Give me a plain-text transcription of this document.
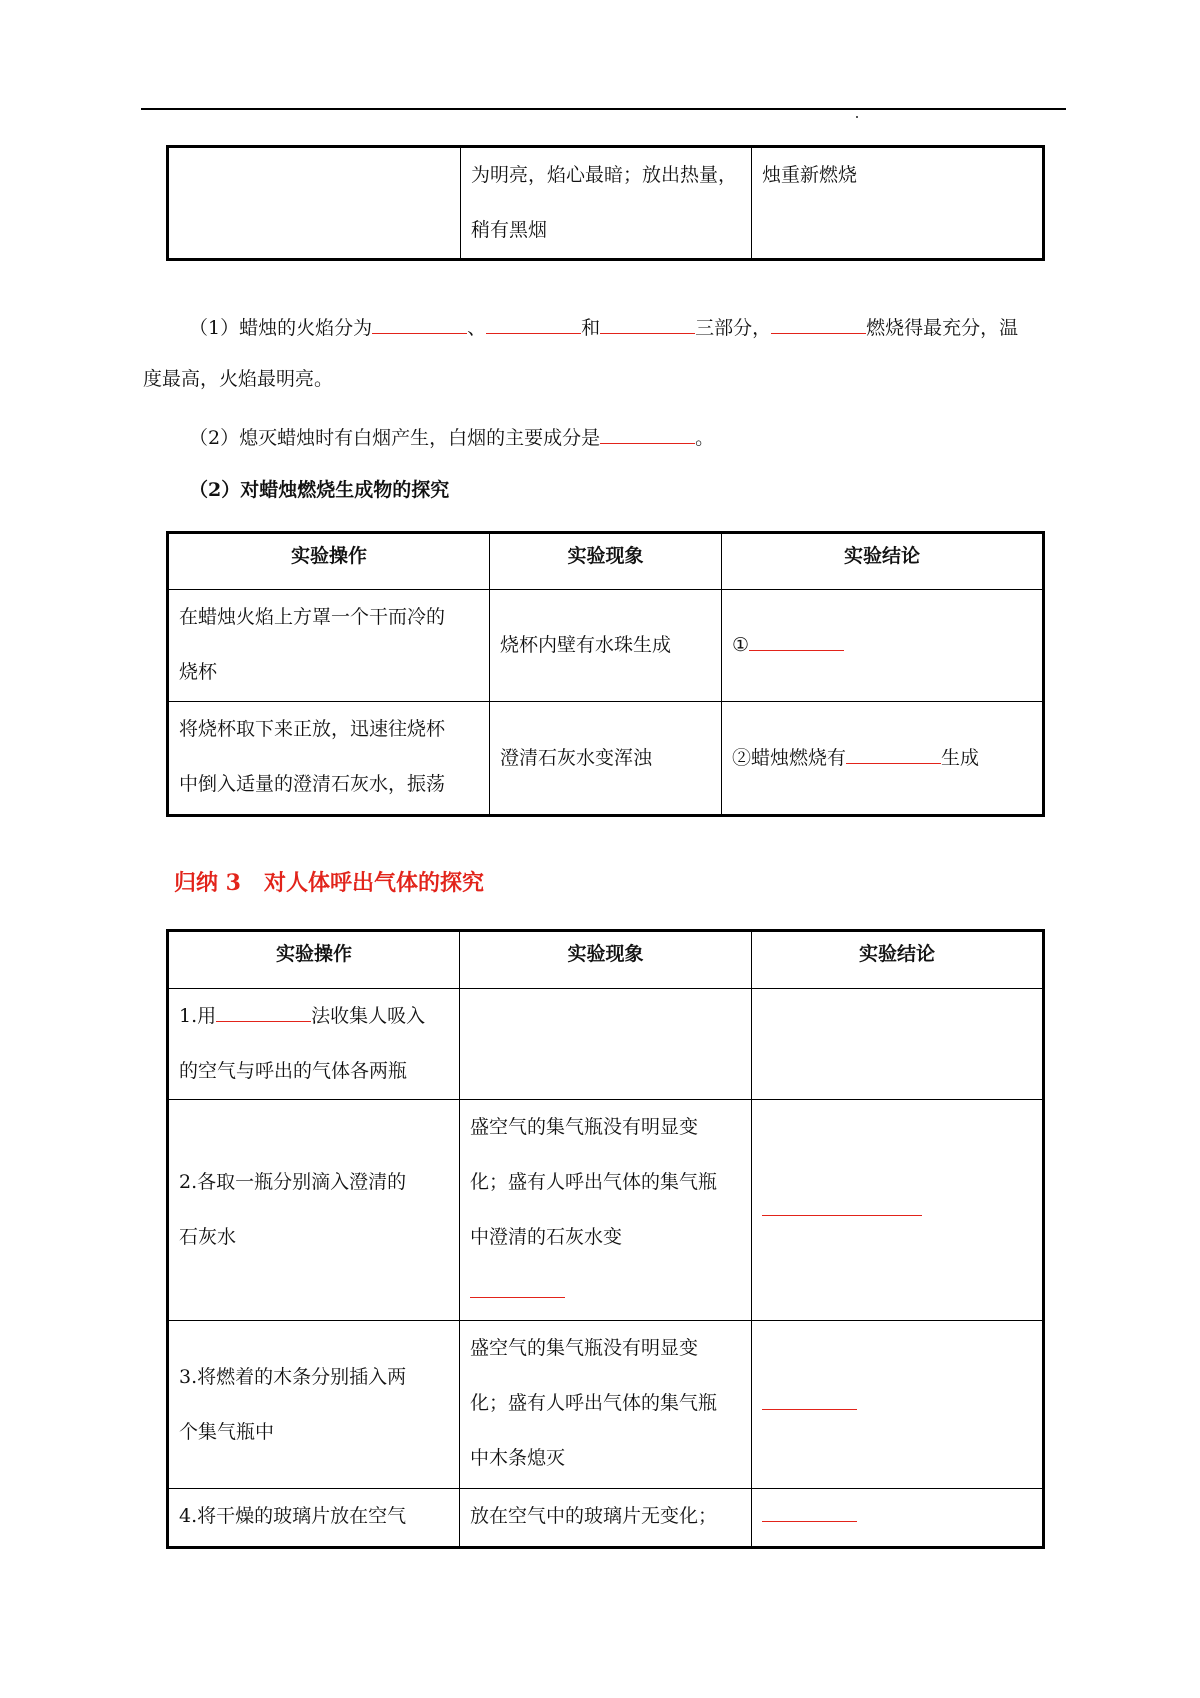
	为明亮，焰心最暗；放出热量，
稍有黑烟	烛重新燃烧
（1）蜡烛的火焰分为	、	和	三部分，	燃烧得最充分，温
度最高，火焰最明亮。
（2）熄灭蜡烛时有白烟产生，白烟的主要成分是	。
（2）对蜡烛燃烧生成物的探究
实验操作	实验现象	实验结论
在蜡烛火焰上方罩一个干而冷的
烧杯	烧杯内壁有水珠生成	①
将烧杯取下来正放，迅速往烧杯
中倒入适量的澄清石灰水，振荡	澄清石灰水变浑浊	②蜡烛燃烧有 生成
归纳 3   对人体呼出气体的探究
实验操作	实验现象	实验结论
1.用 法收集人吸入
的空气与呼出的气体各两瓶		
2.各取一瓶分别滴入澄清的
石灰水	盛空气的集气瓶没有明显变
化；盛有人呼出气体的集气瓶
中澄清的石灰水变

3.将燃着的木条分别插入两
个集气瓶中	盛空气的集气瓶没有明显变
化；盛有人呼出气体的集气瓶
中木条熄灭	
4.将干燥的玻璃片放在空气	放在空气中的玻璃片无变化；	
